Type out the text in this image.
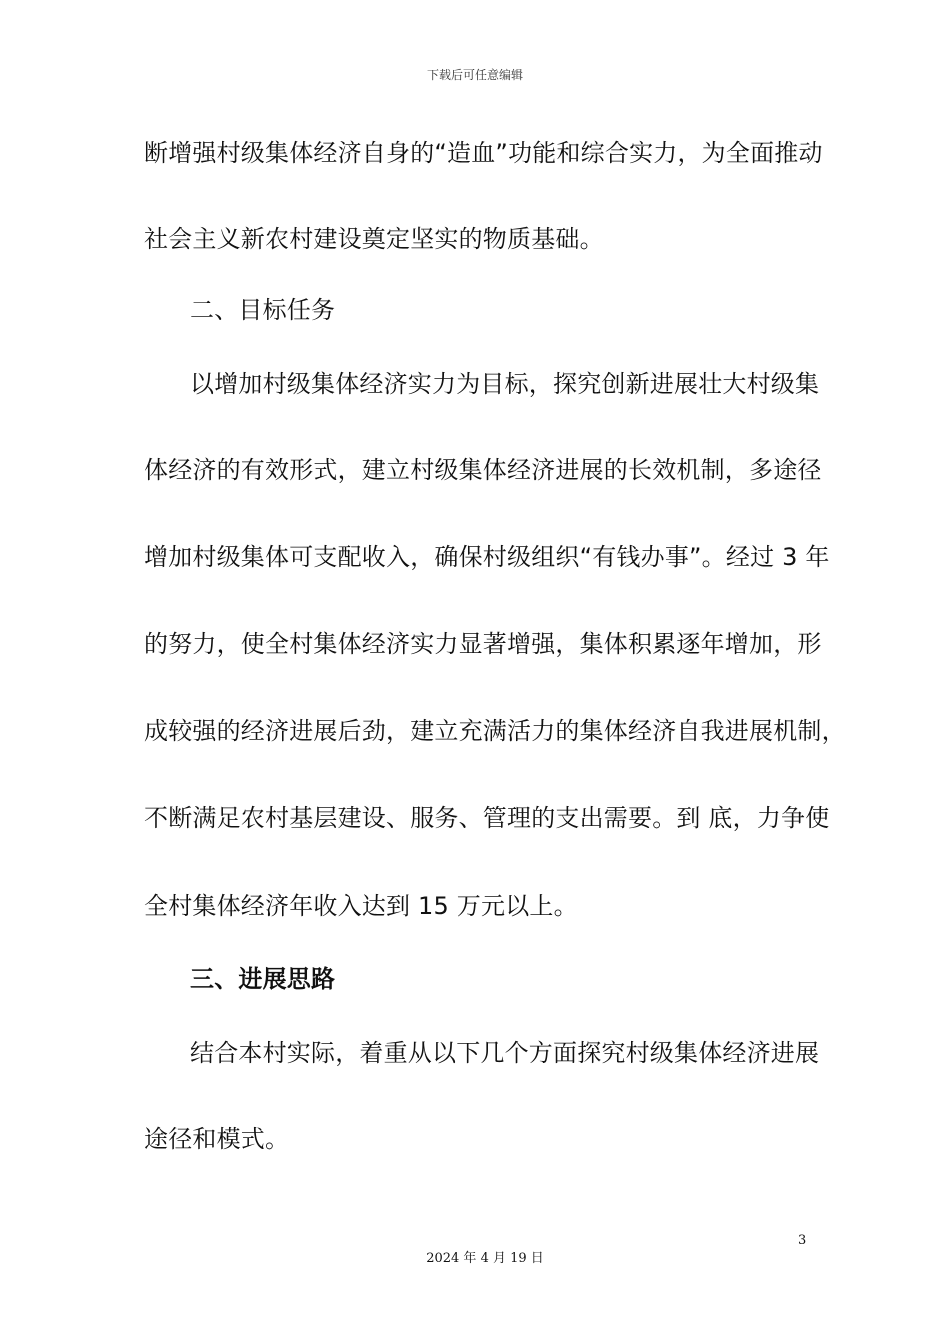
下载后可任意编辑
断增强村级集体经济自身的“造血”功能和综合实力，为全面推动
社会主义新农村建设奠定坚实的物质基础。
二、目标任务
以增加村级集体经济实力为目标，探究创新进展壮大村级集
体经济的有效形式，建立村级集体经济进展的长效机制，多途径
增加村级集体可支配收入，确保村级组织“有钱办事”。经过 3 年
的努力，使全村集体经济实力显著增强，集体积累逐年增加，形
成较强的经济进展后劲，建立充满活力的集体经济自我进展机制，
不断满足农村基层建设、服务、管理的支出需要。到 底，力争使
全村集体经济年收入达到 15 万元以上。
三、进展思路
结合本村实际，着重从以下几个方面探究村级集体经济进展
途径和模式。
3
2024 年 4 月 19 日
